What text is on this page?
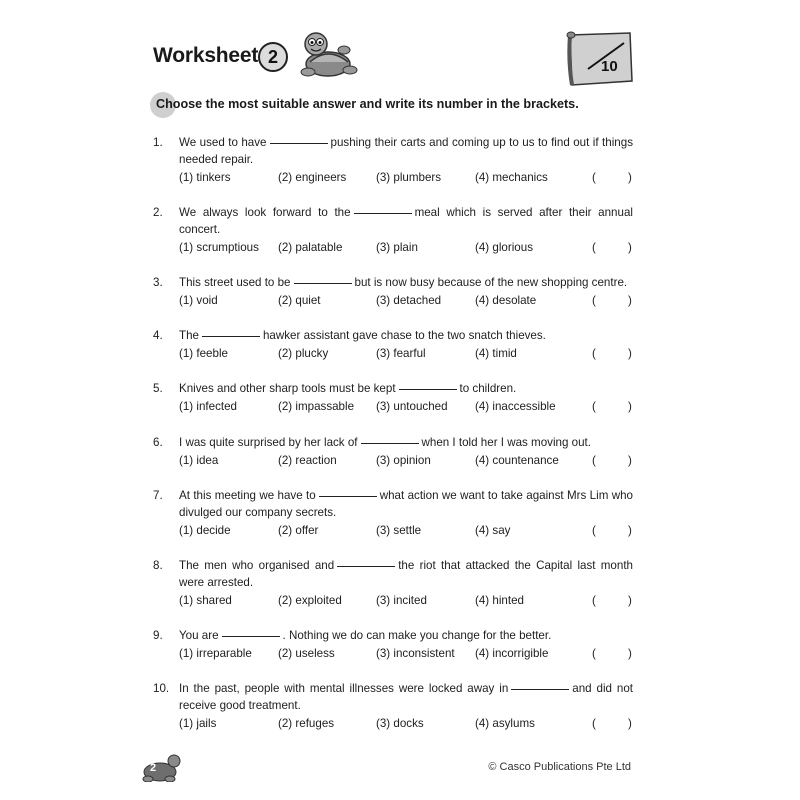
Worksheet 2	10
Choose the most suitable answer and write its number in the brackets.
1.	We used to have	pushing their carts and coming up to us to find out if things needed repair.
(1) tinkers	(2) engineers	(3) plumbers	(4) mechanics	(	)
2.	We always look forward to the	meal which is served after their annual concert.
(1) scrumptious (2) palatable	(3) plain	(4) glorious	(	)
3.	This street used to be	but is now busy because of the new shopping centre.
(1) void	(2) quiet	(3) detached	(4) desolate	(	)
4.	The	hawker assistant gave chase to the two snatch thieves.
(1) feeble	(2) plucky	(3) fearful	(4) timid	(	)
5.	Knives and other sharp tools must be kept	to children.
(1) infected	(2) impassable (3) untouched (4) inaccessible	(	)
6.	I was quite surprised by her lack of	when I told her I was moving out.
(1) idea	(2) reaction	(3) opinion	(4) countenance	(	)
7.	At this meeting we have to	what action we want to take against Mrs Lim who divulged our company secrets.
(1) decide	(2) offer	(3) settle	(4) say	(	)
8.	The men who organised and	the riot that attacked the Capital last month were arrested.
(1) shared	(2) exploited	(3) incited	(4) hinted	(	)
9.	You are	. Nothing we do can make you change for the better.
(1) irreparable (2) useless	(3) inconsistent (4) incorrigible	(	)
10. In the past, people with mental illnesses were locked away in	and did not receive good treatment.
(1) jails	(2) refuges	(3) docks	(4) asylums	(	)
2	© Casco Publications Pte Ltd
